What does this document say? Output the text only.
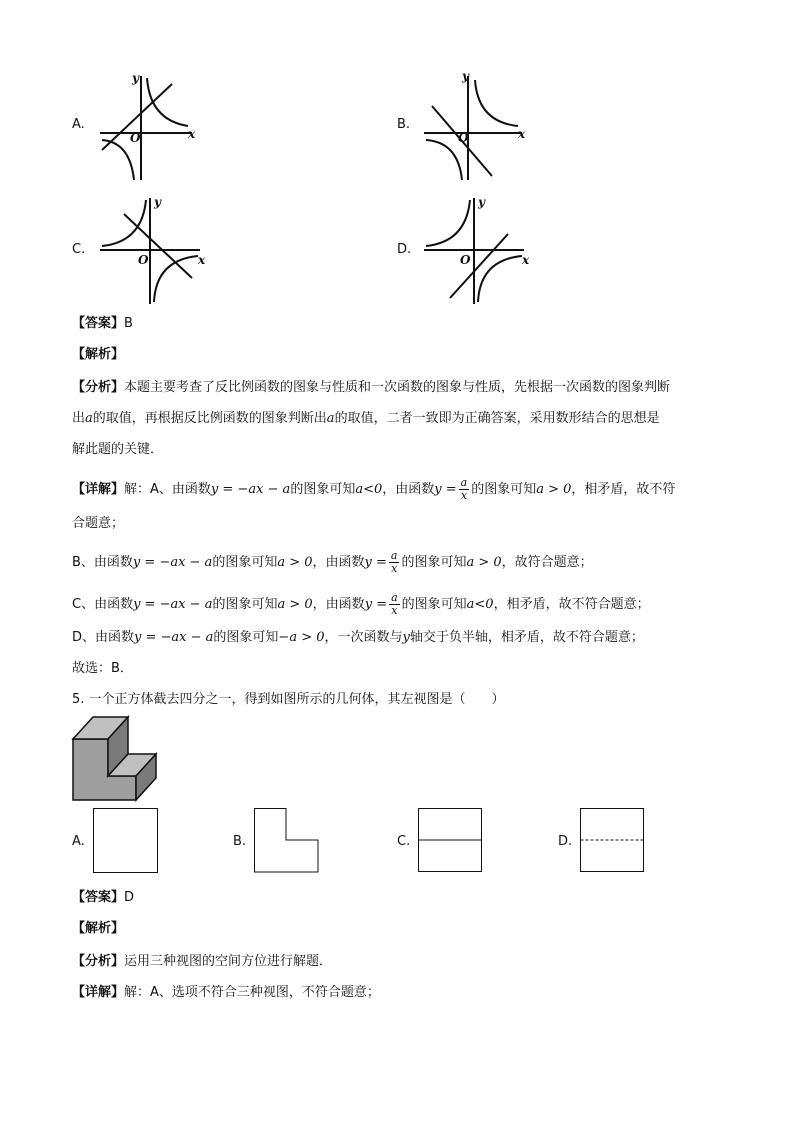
A.
x
y
O
B.
x
y
O
C.
x
y
O
D.
x
y
O
【答案】B
【解析】
【分析】本题主要考查了反比例函数的图象与性质和一次函数的图象与性质，先根据一次函数的图象判断
出a的取值，再根据反比例函数的图象判断出a的取值，二者一致即为正确答案，采用数形结合的思想是
解此题的关键．
【详解】解：A、由函数y = −ax − a的图象可知a<0，由函数$y = \frac{a}{x}$ 的图象可知a > 0，相矛盾，故不符
合题意；
B、由函数y = −ax − a的图象可知a > 0，由函数$y = \frac{a}{x}$ 的图象可知a > 0，故符合题意；
C、由函数y = −ax − a的图象可知a > 0，由函数$y = \frac{a}{x}$ 的图象可知a<0，相矛盾，故不符合题意；
D、由函数y = −ax − a的图象可知−a > 0，一次函数与y轴交于负半轴，相矛盾，故不符合题意；
故选：B．
5. 一个正方体截去四分之一，得到如图所示的几何体，其左视图是（　　）
A.	B.	C.	D.
【答案】D
【解析】
【分析】运用三种视图的空间方位进行解题．
【详解】解：A、选项不符合三种视图，不符合题意；
